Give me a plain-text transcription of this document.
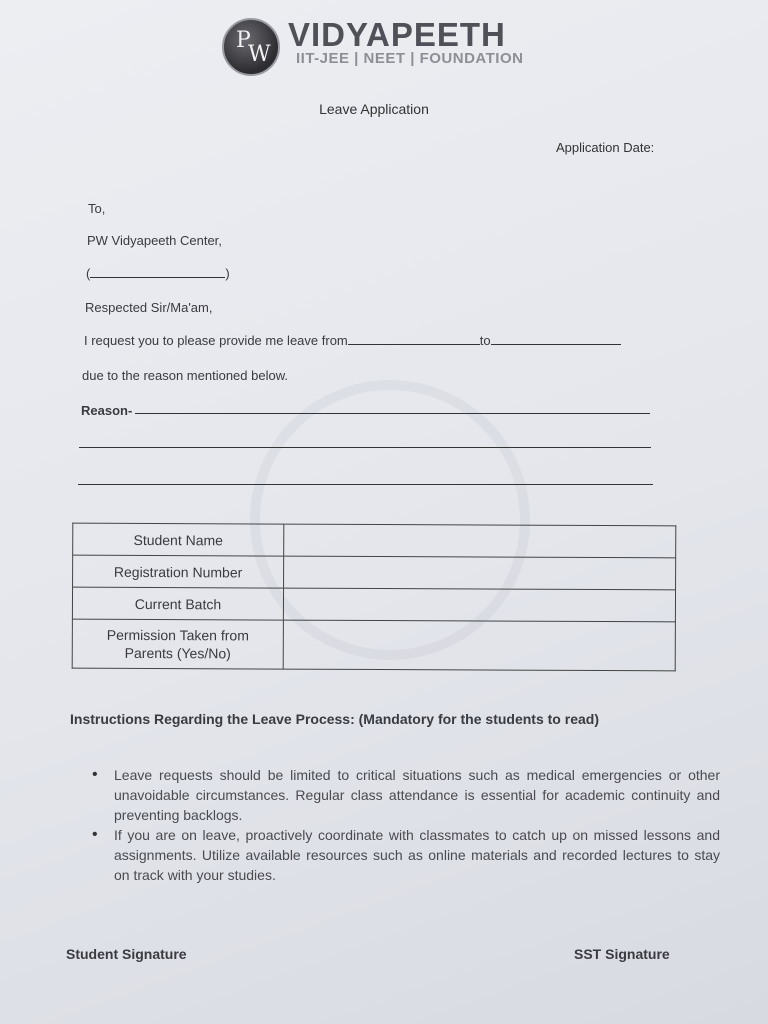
P
W
VIDYAPEETH
IIT-JEE | NEET | FOUNDATION
Leave Application
Application Date:
To,
PW Vidyapeeth Center,
(	)
Respected Sir/Ma'am,
I request you to please provide me leave from	to
due to the reason mentioned below.
Reason-
Student Name	
Registration Number	
Current Batch	

Permission Taken from
Parents (Yes/No)	

Instructions Regarding the Leave Process: (Mandatory for the students to read)
• Leave requests should be limited to critical situations such as medical emergencies or other unavoidable circumstances. Regular class attendance is essential for academic continuity and preventing backlogs.
• If you are on leave, proactively coordinate with classmates to catch up on missed lessons and assignments. Utilize available resources such as online materials and recorded lectures to stay on track with your studies.
Student Signature	SST Signature
